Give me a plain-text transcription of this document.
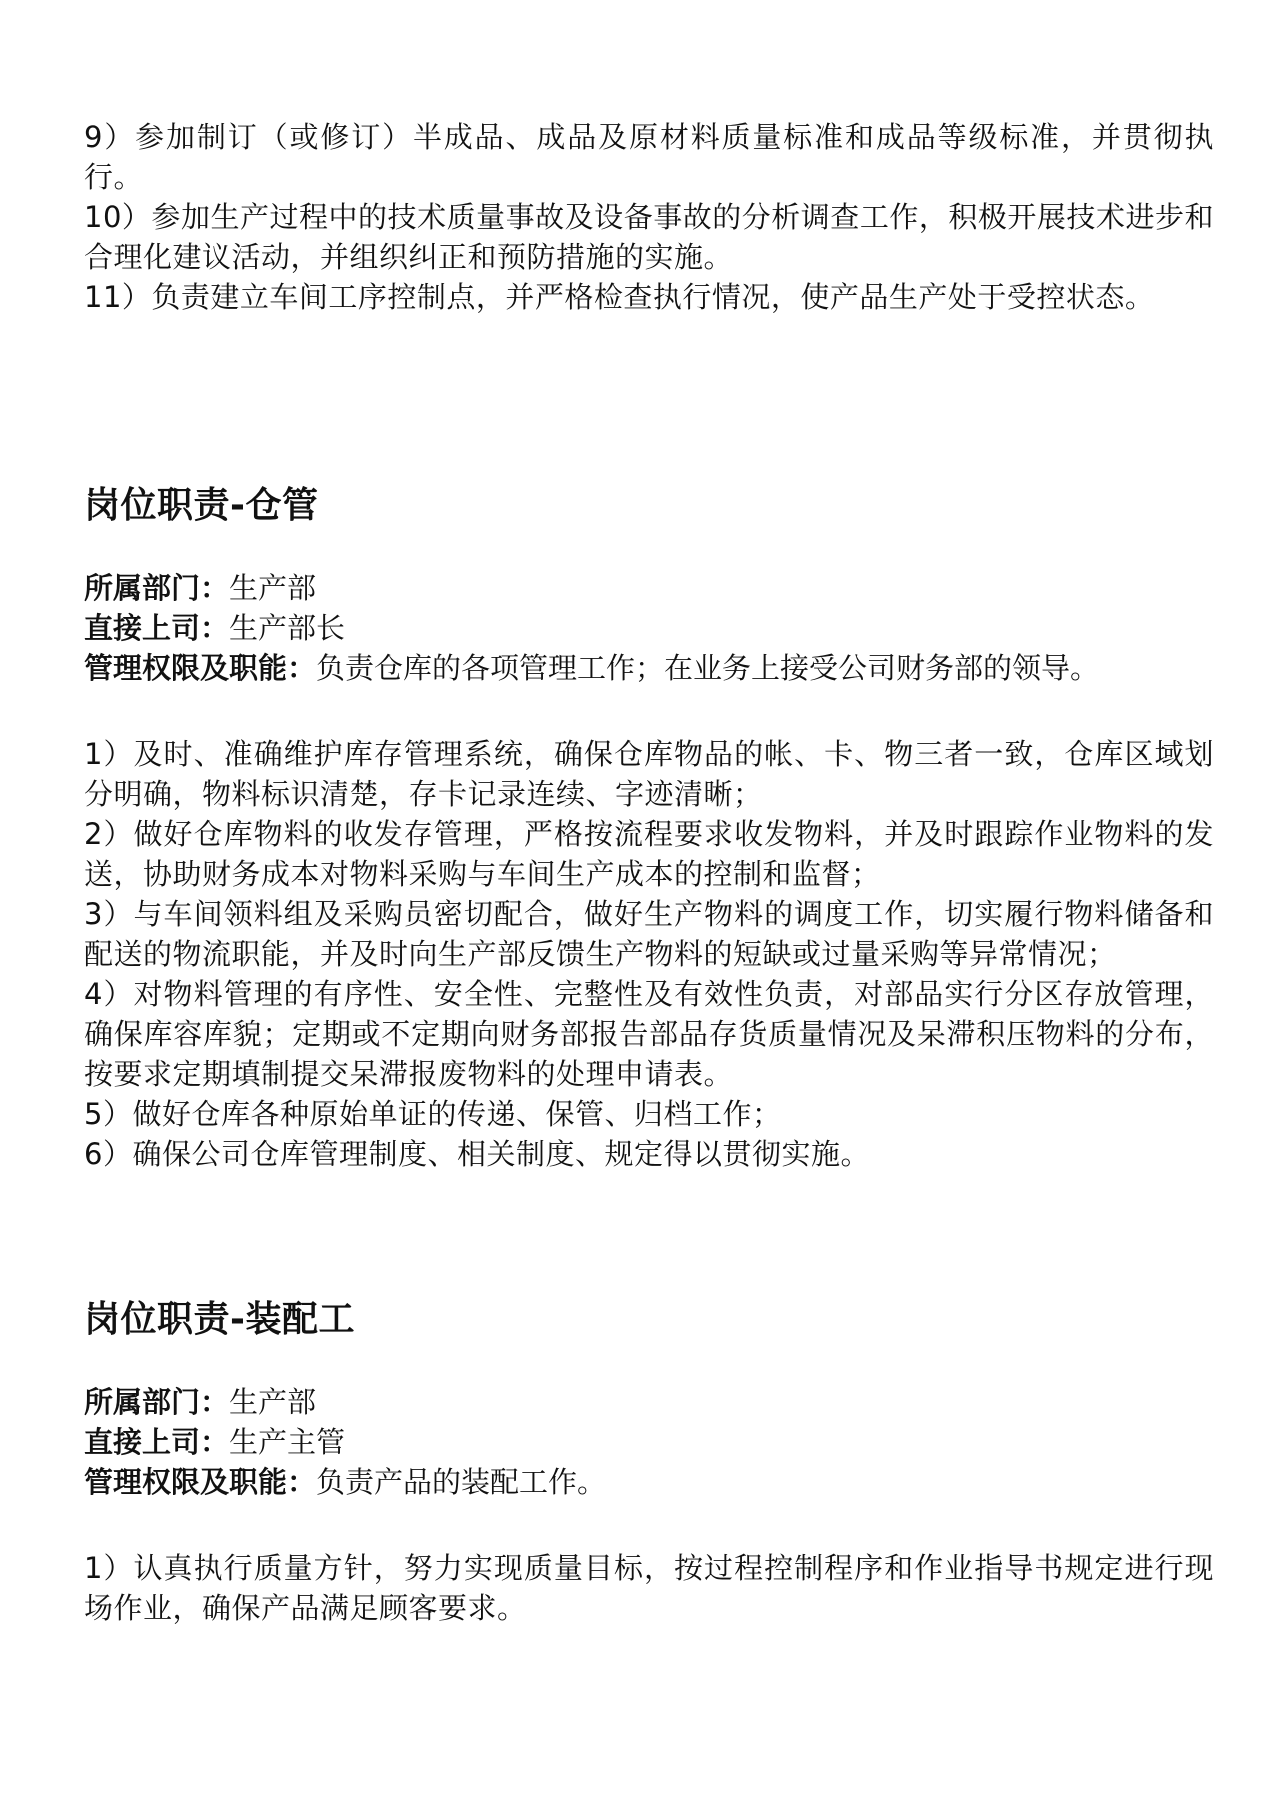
9）参加制订（或修订）半成品、成品及原材料质量标准和成品等级标准，并贯彻执行。

10）参加生产过程中的技术质量事故及设备事故的分析调查工作，积极开展技术进步和合理化建议活动，并组织纠正和预防措施的实施。

11）负责建立车间工序控制点，并严格检查执行情况，使产品生产处于受控状态。

岗位职责-仓管

所属部门：生产部

直接上司：生产部长

管理权限及职能：负责仓库的各项管理工作；在业务上接受公司财务部的领导。

1）及时、准确维护库存管理系统，确保仓库物品的帐、卡、物三者一致，仓库区域划分明确，物料标识清楚，存卡记录连续、字迹清晰；

2）做好仓库物料的收发存管理，严格按流程要求收发物料，并及时跟踪作业物料的发送，协助财务成本对物料采购与车间生产成本的控制和监督；

3）与车间领料组及采购员密切配合，做好生产物料的调度工作，切实履行物料储备和配送的物流职能，并及时向生产部反馈生产物料的短缺或过量采购等异常情况；

4）对物料管理的有序性、安全性、完整性及有效性负责，对部品实行分区存放管理，确保库容库貌；定期或不定期向财务部报告部品存货质量情况及呆滞积压物料的分布，按要求定期填制提交呆滞报废物料的处理申请表。

5）做好仓库各种原始单证的传递、保管、归档工作；

6）确保公司仓库管理制度、相关制度、规定得以贯彻实施。

岗位职责-装配工

所属部门：生产部

直接上司：生产主管

管理权限及职能：负责产品的装配工作。

1）认真执行质量方针，努力实现质量目标，按过程控制程序和作业指导书规定进行现场作业，确保产品满足顾客要求。
